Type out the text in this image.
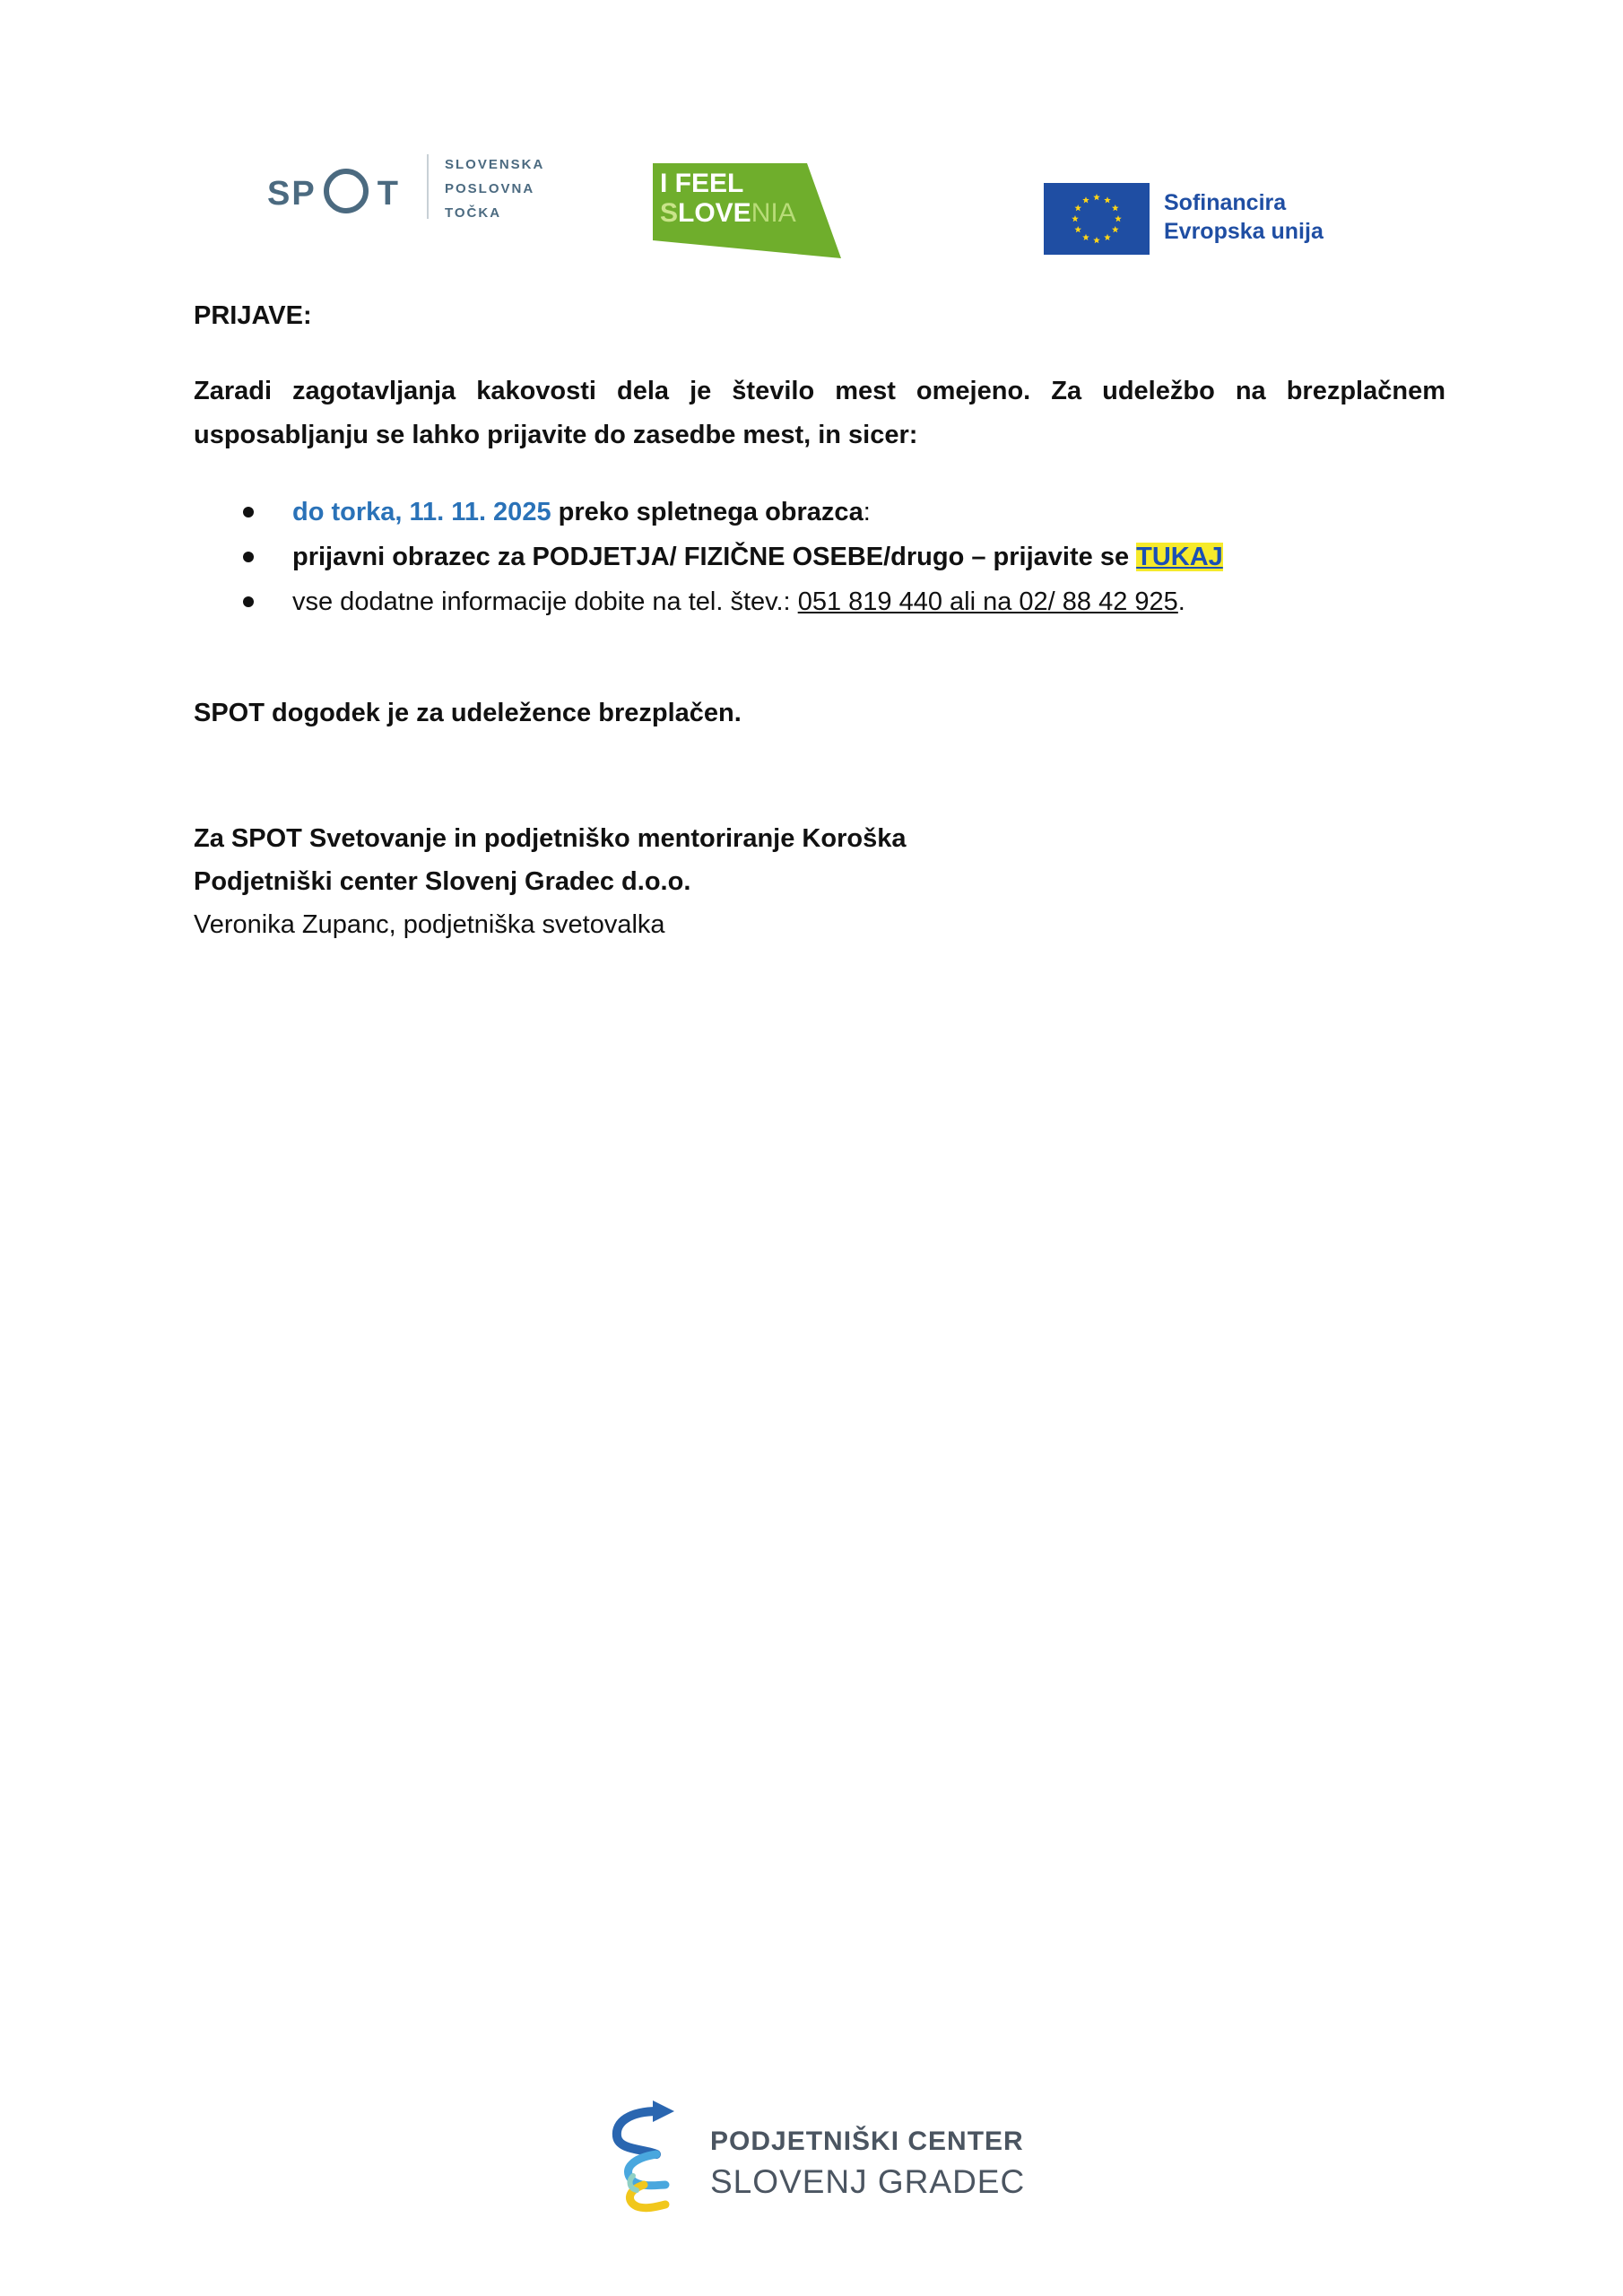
SP T
SLOVENSKA
POSLOVNA
TOČKA
I FEEL
SLOVENIA	Sofinancira
Evropska unija

PRIJAVE:

Zaradi zagotavljanja kakovosti dela je število mest omejeno. Za udeležbo na brezplačnem usposabljanju se lahko prijavite do zasedbe mest, in sicer:

do torka, 11. 11. 2025 preko spletnega obrazca:
prijavni obrazec za PODJETJA/ FIZIČNE OSEBE/drugo – prijavite se TUKAJ
vse dodatne informacije dobite na tel. štev.: 051 819 440 ali na 02/ 88 42 925.

SPOT dogodek je za udeležence brezplačen.

Za SPOT Svetovanje in podjetniško mentoriranje Koroška
Podjetniški center Slovenj Gradec d.o.o.
Veronika Zupanc, podjetniška svetovalka
PODJETNIŠKI CENTER
SLOVENJ GRADEC
